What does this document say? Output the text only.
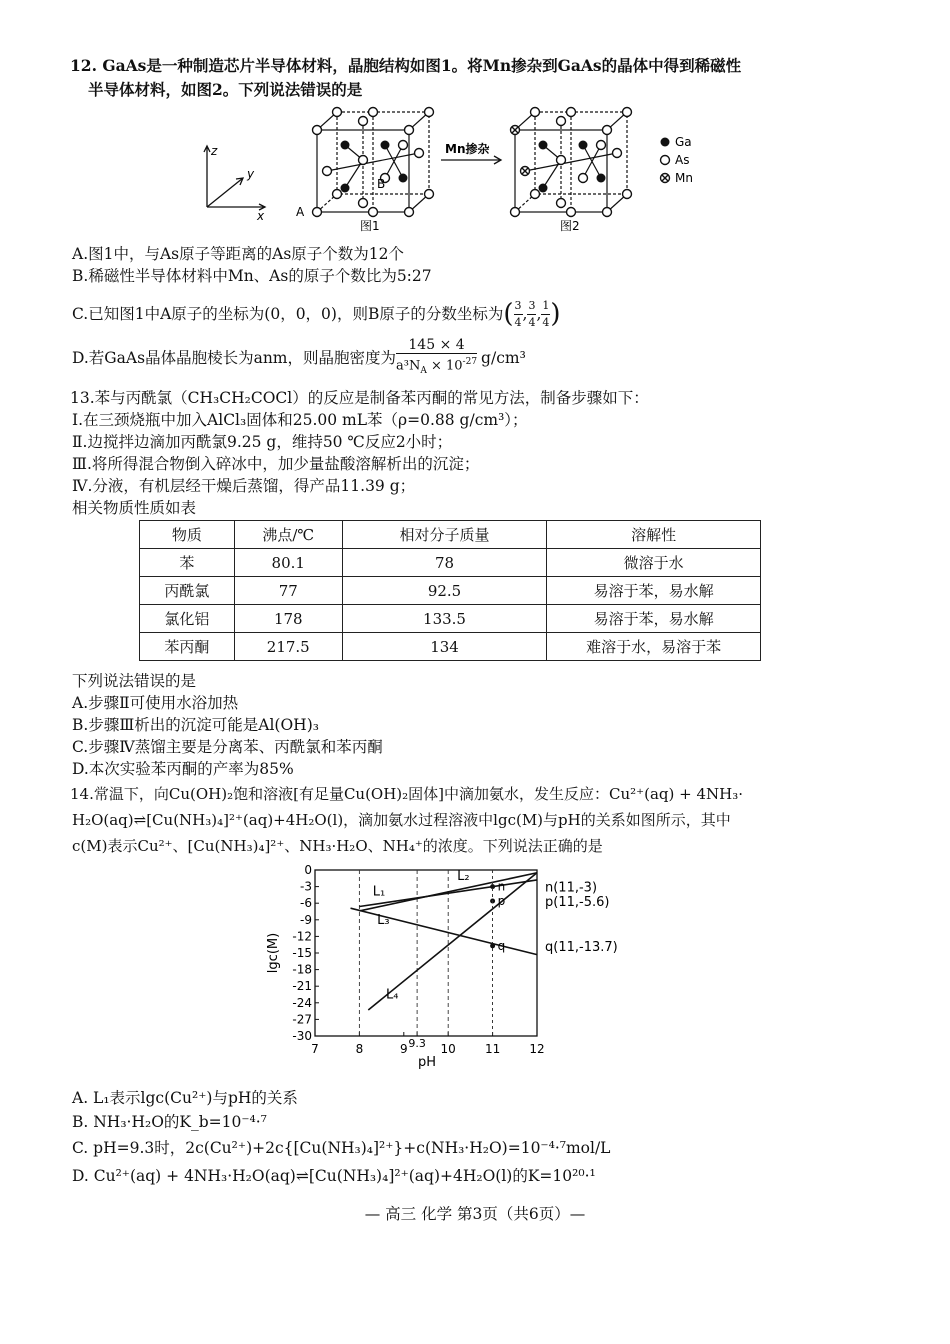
12. GaAs是一种制造芯片半导体材料，晶胞结构如图1。将Mn掺杂到GaAs的晶体中得到稀磁性
半导体材料，如图2。下列说法错误的是
z
y
x	A
B
图1
Mn掺杂
图2
Ga
As
Mn
A.图1中，与As原子等距离的As原子个数为12个
B.稀磁性半导体材料中Mn、As的原子个数比为5:27
C.已知图1中A原子的坐标为(0，0，0)，则B原子的分数坐标为 ( $\frac{3}{4}$ , $\frac{3}{4}$ , $\frac{1}{4}$ )
D.若GaAs晶体晶胞棱长为anm，则晶胞密度为 $\frac{145 \times 4}{a^3N_A \times 10^{-27}} g/cm^3$
13.苯与丙酰氯（CH₃CH₂COCl）的反应是制备苯丙酮的常见方法，制备步骤如下：
Ⅰ.在三颈烧瓶中加入AlCl₃固体和25.00 mL苯（ρ=0.88 g/cm³）；
Ⅱ.边搅拌边滴加丙酰氯9.25 g，维持50 ℃反应2小时；
Ⅲ.将所得混合物倒入碎冰中，加少量盐酸溶解析出的沉淀；
Ⅳ.分液，有机层经干燥后蒸馏，得产品11.39 g；
相关物质性质如表
物质	沸点/℃	相对分子质量	溶解性
苯	80.1	78	微溶于水
丙酰氯	77	92.5	易溶于苯，易水解
氯化铝	178	133.5	易溶于苯，易水解
苯丙酮	217.5	134	难溶于水，易溶于苯
下列说法错误的是
A.步骤Ⅱ可使用水浴加热
B.步骤Ⅲ析出的沉淀可能是Al(OH)₃
C.步骤Ⅳ蒸馏主要是分离苯、丙酰氯和苯丙酮
D.本次实验苯丙酮的产率为85%
14.常温下，向Cu(OH)₂饱和溶液[有足量Cu(OH)₂固体]中滴加氨水，发生反应：Cu²⁺(aq) + 4NH₃·
H₂O(aq)⇌[Cu(NH₃)₄]²⁺(aq)+4H₂O(l)，滴加氨水过程溶液中lgc(M)与pH的关系如图所示，其中
c(M)表示Cu²⁺、[Cu(NH₃)₄]²⁺、NH₃·H₂O、NH₄⁺的浓度。下列说法正确的是
0
-3
-6
-9
-12
-15
-18
-21
-24
-27
-30
7	8	9 9.3 10 11 12
L₁
L₂
L₃
L₄
n
p
q
n(11,-3)
p(11,-5.6)
q(11,-13.7)
pH
lgc(M)
A. L₁表示lgc(Cu²⁺)与pH的关系
B. NH₃·H₂O的K_b=10⁻⁴·⁷
C. pH=9.3时，2c(Cu²⁺)+2c{[Cu(NH₃)₄]²⁺}+c(NH₃·H₂O)=10⁻⁴·⁷mol/L
D. Cu²⁺(aq) + 4NH₃·H₂O(aq)⇌[Cu(NH₃)₄]²⁺(aq)+4H₂O(l)的K=10²⁰·¹
— 高三 化学 第3页（共6页）—
